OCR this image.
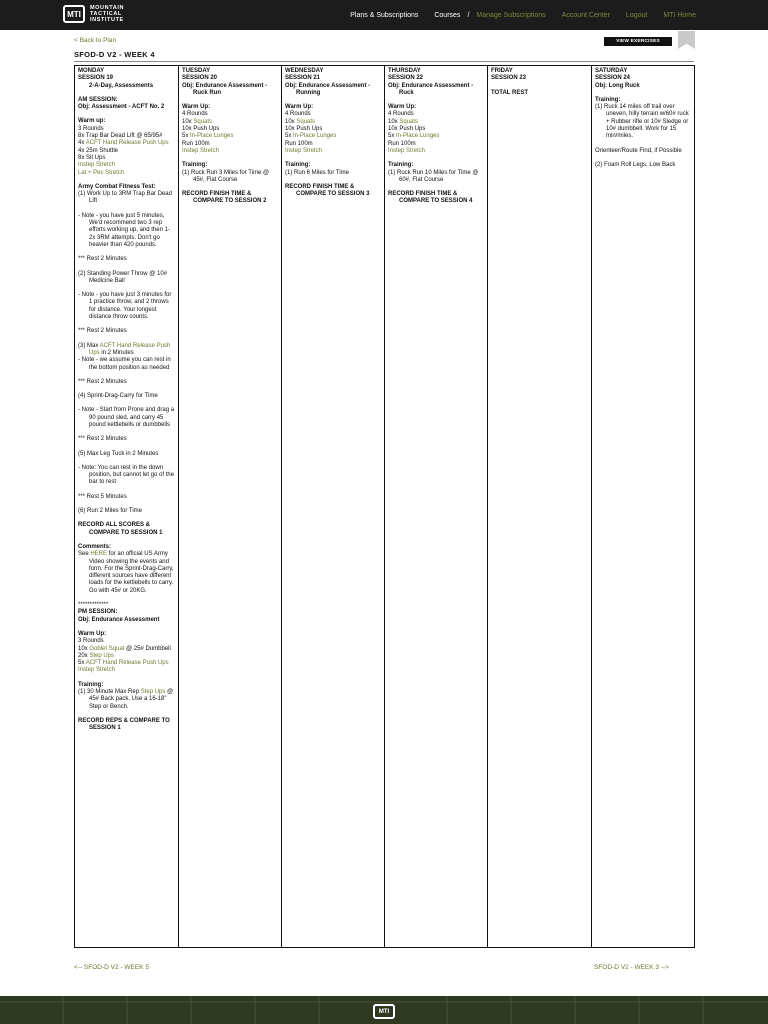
MTI
MOUNTAIN
TACTICAL
INSTITUTE
Plans & Subscriptions Courses / Manage Subscriptions Account Center Logout MTI Home
< Back to Plan
SFOD-D V2 - WEEK 4
VIEW EXERCISES
MONDAY
SESSION 19
2-A-Day, Assessments
AM SESSION:
Obj: Assessment - ACFT No. 2
Warm up:
3 Rounds
8x Trap Bar Dead Lift @ 65/95#
4x ACFT Hand Release Push Ups
4x 25m Shuttle
8x Sit Ups
Instep Stretch
Lat + Pec Stretch
Army Combat Fitness Test:
(1) Work Up to 3RM Trap Bar Dead Lift
- Note - you have just 5 minutes, We'd recommend two 3 rep efforts working up, and then 1-2x 3RM attempts. Don't go heavier than 420 pounds.
*** Rest 2 Minutes
(2) Standing Power Throw @ 10# Medicine Ball
- Note - you have just 3 minutes for 1 practice throw, and 2 throws for distance. Your longest distance throw counts.
*** Rest 2 Minutes
(3) Max ACFT Hand Release Push Ups in 2 Minutes
- Note - we assume you can rest in the bottom position as needed
*** Rest 2 Minutes
(4) Sprint-Drag-Carry for Time
- Note - Start from Prone and drag a 90 pound sled, and carry 45 pound kettlebells or dumbbells
*** Rest 2 Minutes
(5) Max Leg Tuck in 2 Minutes
- Note: You can rest in the down position, but cannot let go of the bar to rest
*** Rest 5 Minutes
(6) Run 2 Miles for Time
RECORD ALL SCORES & COMPARE TO SESSION 1
Comments:
See HERE for an official US Army Video showing the events and form. For the Sprint-Drag-Carry, different sources have different loads for the kettlebells to carry. Go with 45# or 20KG.
*************
PM SESSION:
Obj: Endurance Assessment
Warm Up:
3 Rounds
10x Goblet Squat @ 25# Dumbbell
20x Step Ups
5x ACFT Hand Release Push Ups
Instep Stretch
Training:
(1) 30 Minute Max Rep Step Ups @ 45# Back pack. Use a 16-18" Step or Bench.
RECORD REPS & COMPARE TO SESSION 1

TUESDAY
SESSION 20
Obj: Endurance Assessment - Ruck Run
Warm Up:
4 Rounds
10x Squats
10x Push Ups
5x In-Place Lunges
Run 100m
Instep Stretch
Training:
(1) Ruck Run 3 Miles for Time @ 45#, Flat Course
RECORD FINISH TIME & COMPARE TO SESSION 2

WEDNESDAY
SESSION 21
Obj: Endurance Assessment - Running
Warm Up:
4 Rounds
10x Squats
10x Push Ups
5x In-Place Lunges
Run 100m
Instep Stretch
Training:
(1) Run 6 Miles for Time
RECORD FINISH TIME & COMPARE TO SESSION 3

THURSDAY
SESSION 22
Obj: Endurance Assessment - Ruck
Warm Up:
4 Rounds
10x Squats
10x Push Ups
5x In-Place Lunges
Run 100m
Instep Stretch
Training:
(1) Ruck Run 10 Miles for Time @ 60#, Flat Course
RECORD FINISH TIME & COMPARE TO SESSION 4

FRIDAY
SESSION 23
TOTAL REST

SATURDAY
SESSION 24
Obj: Long Ruck
Training:
(1) Ruck 14 miles off trail over uneven, hilly terrain w/60# ruck + Rubber rifle or 10# Sledge or 10# dumbbell. Work for 15 min/miles.
Orienteer/Route Find, if Possible
(2) Foam Roll Legs, Low Back
<-- SFOD-D V2 - WEEK 5	SFOD-D V2 - WEEK 3 -->
MTI
